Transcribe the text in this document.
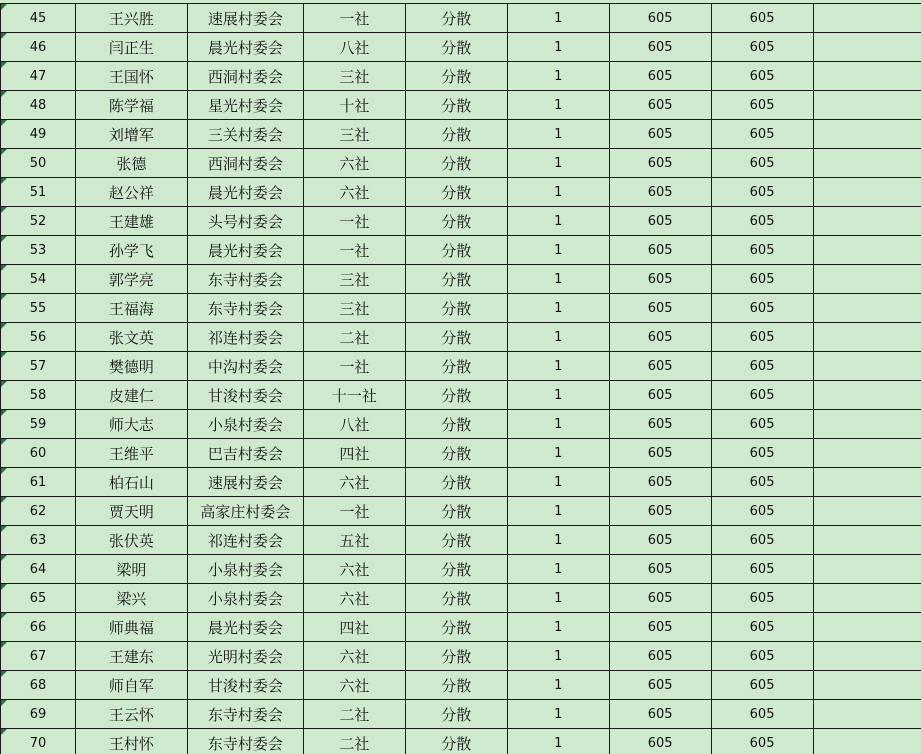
45	王兴胜	速展村委会	一社	分散	1	605	605	
46	闫正生	晨光村委会	八社	分散	1	605	605	
47	王国怀	西洞村委会	三社	分散	1	605	605	
48	陈学福	星光村委会	十社	分散	1	605	605	
49	刘增军	三关村委会	三社	分散	1	605	605	
50	张德	西洞村委会	六社	分散	1	605	605	
51	赵公祥	晨光村委会	六社	分散	1	605	605	
52	王建雄	头号村委会	一社	分散	1	605	605	
53	孙学飞	晨光村委会	一社	分散	1	605	605	
54	郭学亮	东寺村委会	三社	分散	1	605	605	
55	王福海	东寺村委会	三社	分散	1	605	605	
56	张文英	祁连村委会	二社	分散	1	605	605	
57	樊德明	中沟村委会	一社	分散	1	605	605	
58	皮建仁	甘浚村委会	十一社	分散	1	605	605	
59	师大志	小泉村委会	八社	分散	1	605	605	
60	王维平	巴吉村委会	四社	分散	1	605	605	
61	柏石山	速展村委会	六社	分散	1	605	605	
62	贾天明	高家庄村委会	一社	分散	1	605	605	
63	张伏英	祁连村委会	五社	分散	1	605	605	
64	梁明	小泉村委会	六社	分散	1	605	605	
65	梁兴	小泉村委会	六社	分散	1	605	605	
66	师典福	晨光村委会	四社	分散	1	605	605	
67	王建东	光明村委会	六社	分散	1	605	605	
68	师自军	甘浚村委会	六社	分散	1	605	605	
69	王云怀	东寺村委会	二社	分散	1	605	605	
70	王村怀	东寺村委会	二社	分散	1	605	605	
